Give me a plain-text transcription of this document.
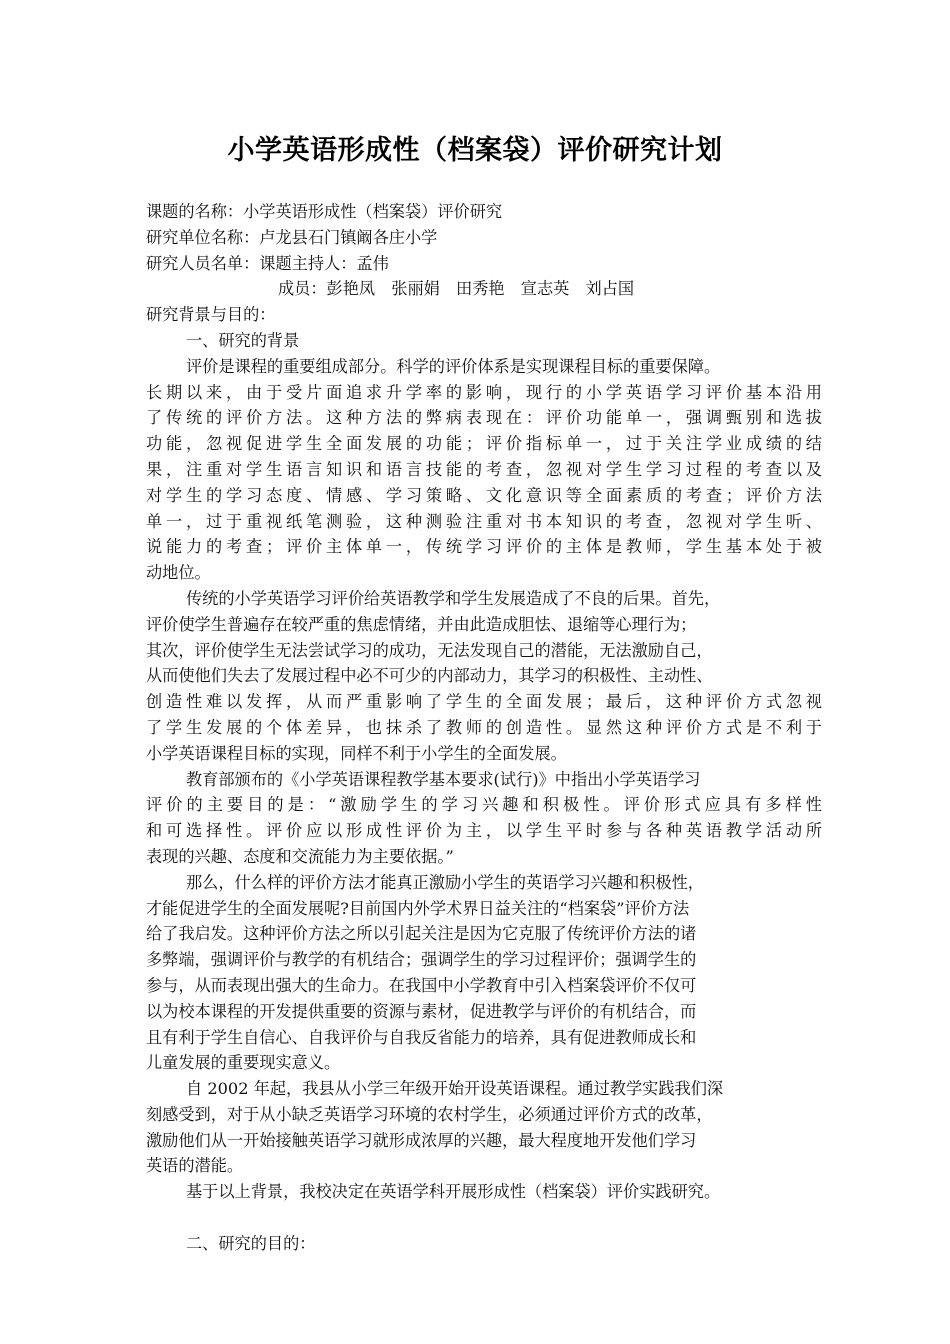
小学英语形成性（档案袋）评价研究计划
课题的名称：小学英语形成性（档案袋）评价研究
研究单位名称：卢龙县石门镇阚各庄小学
研究人员名单：课题主持人：孟伟
成员：彭艳凤　张丽娟　田秀艳　宣志英　刘占国
研究背景与目的：
一、研究的背景
评价是课程的重要组成部分。科学的评价体系是实现课程目标的重要保障。
长期以来，由于受片面追求升学率的影响，现行的小学英语学习评价基本沿用
了传统的评价方法。这种方法的弊病表现在：评价功能单一，强调甄别和选拔
功能，忽视促进学生全面发展的功能；评价指标单一，过于关注学业成绩的结
果，注重对学生语言知识和语言技能的考查，忽视对学生学习过程的考查以及
对学生的学习态度、情感、学习策略、文化意识等全面素质的考查；评价方法
单一，过于重视纸笔测验，这种测验注重对书本知识的考查，忽视对学生听、
说能力的考查；评价主体单一，传统学习评价的主体是教师，学生基本处于被
动地位。
传统的小学英语学习评价给英语教学和学生发展造成了不良的后果。首先，
评价使学生普遍存在较严重的焦虑情绪，并由此造成胆怯、退缩等心理行为；
其次，评价使学生无法尝试学习的成功，无法发现自己的潜能，无法激励自己，
从而使他们失去了发展过程中必不可少的内部动力，其学习的积极性、主动性、
创造性难以发挥，从而严重影响了学生的全面发展；最后，这种评价方式忽视
了学生发展的个体差异，也抹杀了教师的创造性。显然这种评价方式是不利于
小学英语课程目标的实现，同样不利于小学生的全面发展。
教育部颁布的《小学英语课程教学基本要求(试行)》中指出小学英语学习
评价的主要目的是：“激励学生的学习兴趣和积极性。评价形式应具有多样性
和可选择性。评价应以形成性评价为主，以学生平时参与各种英语教学活动所
表现的兴趣、态度和交流能力为主要依据。”
那么，什么样的评价方法才能真正激励小学生的英语学习兴趣和积极性，
才能促进学生的全面发展呢?目前国内外学术界日益关注的“档案袋”评价方法
给了我启发。这种评价方法之所以引起关注是因为它克服了传统评价方法的诸
多弊端，强调评价与教学的有机结合；强调学生的学习过程评价；强调学生的
参与，从而表现出强大的生命力。在我国中小学教育中引入档案袋评价不仅可
以为校本课程的开发提供重要的资源与素材，促进教学与评价的有机结合，而
且有利于学生自信心、自我评价与自我反省能力的培养，具有促进教师成长和
儿童发展的重要现实意义。
自 2002 年起，我县从小学三年级开始开设英语课程。通过教学实践我们深
刻感受到，对于从小缺乏英语学习环境的农村学生，必须通过评价方式的改革，
激励他们从一开始接触英语学习就形成浓厚的兴趣，最大程度地开发他们学习
英语的潜能。
基于以上背景，我校决定在英语学科开展形成性（档案袋）评价实践研究。
二、研究的目的：
